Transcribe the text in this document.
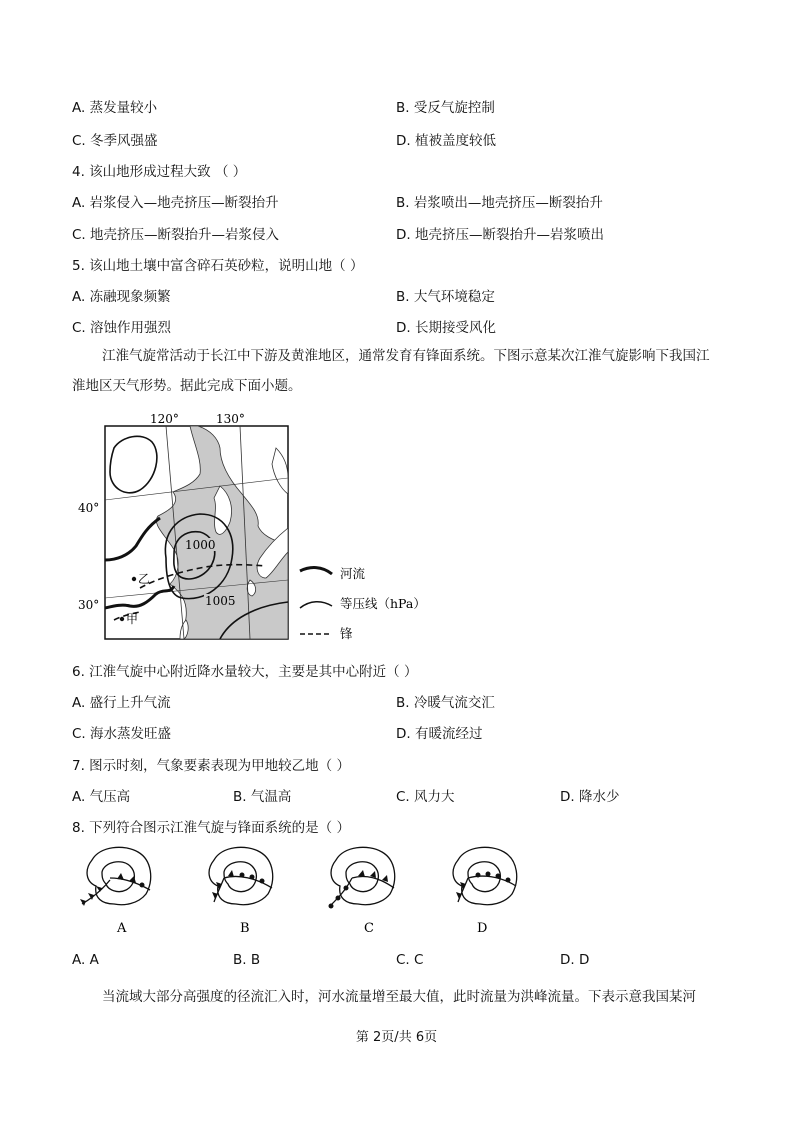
A. 蒸发量较小	B. 受反气旋控制
C. 冬季风强盛	D. 植被盖度较低
4. 该山地形成过程大致 （ ）
A. 岩浆侵入—地壳挤压—断裂抬升	B. 岩浆喷出—地壳挤压—断裂抬升
C. 地壳挤压—断裂抬升—岩浆侵入	D. 地壳挤压—断裂抬升—岩浆喷出
5. 该山地土壤中富含碎石英砂粒，说明山地（ ）
A. 冻融现象频繁	B. 大气环境稳定
C. 溶蚀作用强烈	D. 长期接受风化
江淮气旋常活动于长江中下游及黄淮地区，通常发育有锋面系统。下图示意某次江淮气旋影响下我国江淮地区天气形势。据此完成下面小题。
120°	130°
40°
30°
1000
1005
乙
甲
河流
等压线（hPa）
锋
6. 江淮气旋中心附近降水量较大，主要是其中心附近（ ）
A. 盛行上升气流	B. 冷暖气流交汇
C. 海水蒸发旺盛	D. 有暖流经过
7. 图示时刻，气象要素表现为甲地较乙地（ ）
A. 气压高	B. 气温高	C. 风力大	D. 降水少
8. 下列符合图示江淮气旋与锋面系统的是（ ）
A	B	C	D
A. A	B. B	C. C	D. D
当流域大部分高强度的径流汇入时，河水流量增至最大值，此时流量为洪峰流量。下表示意我国某河
第 2页/共 6页
